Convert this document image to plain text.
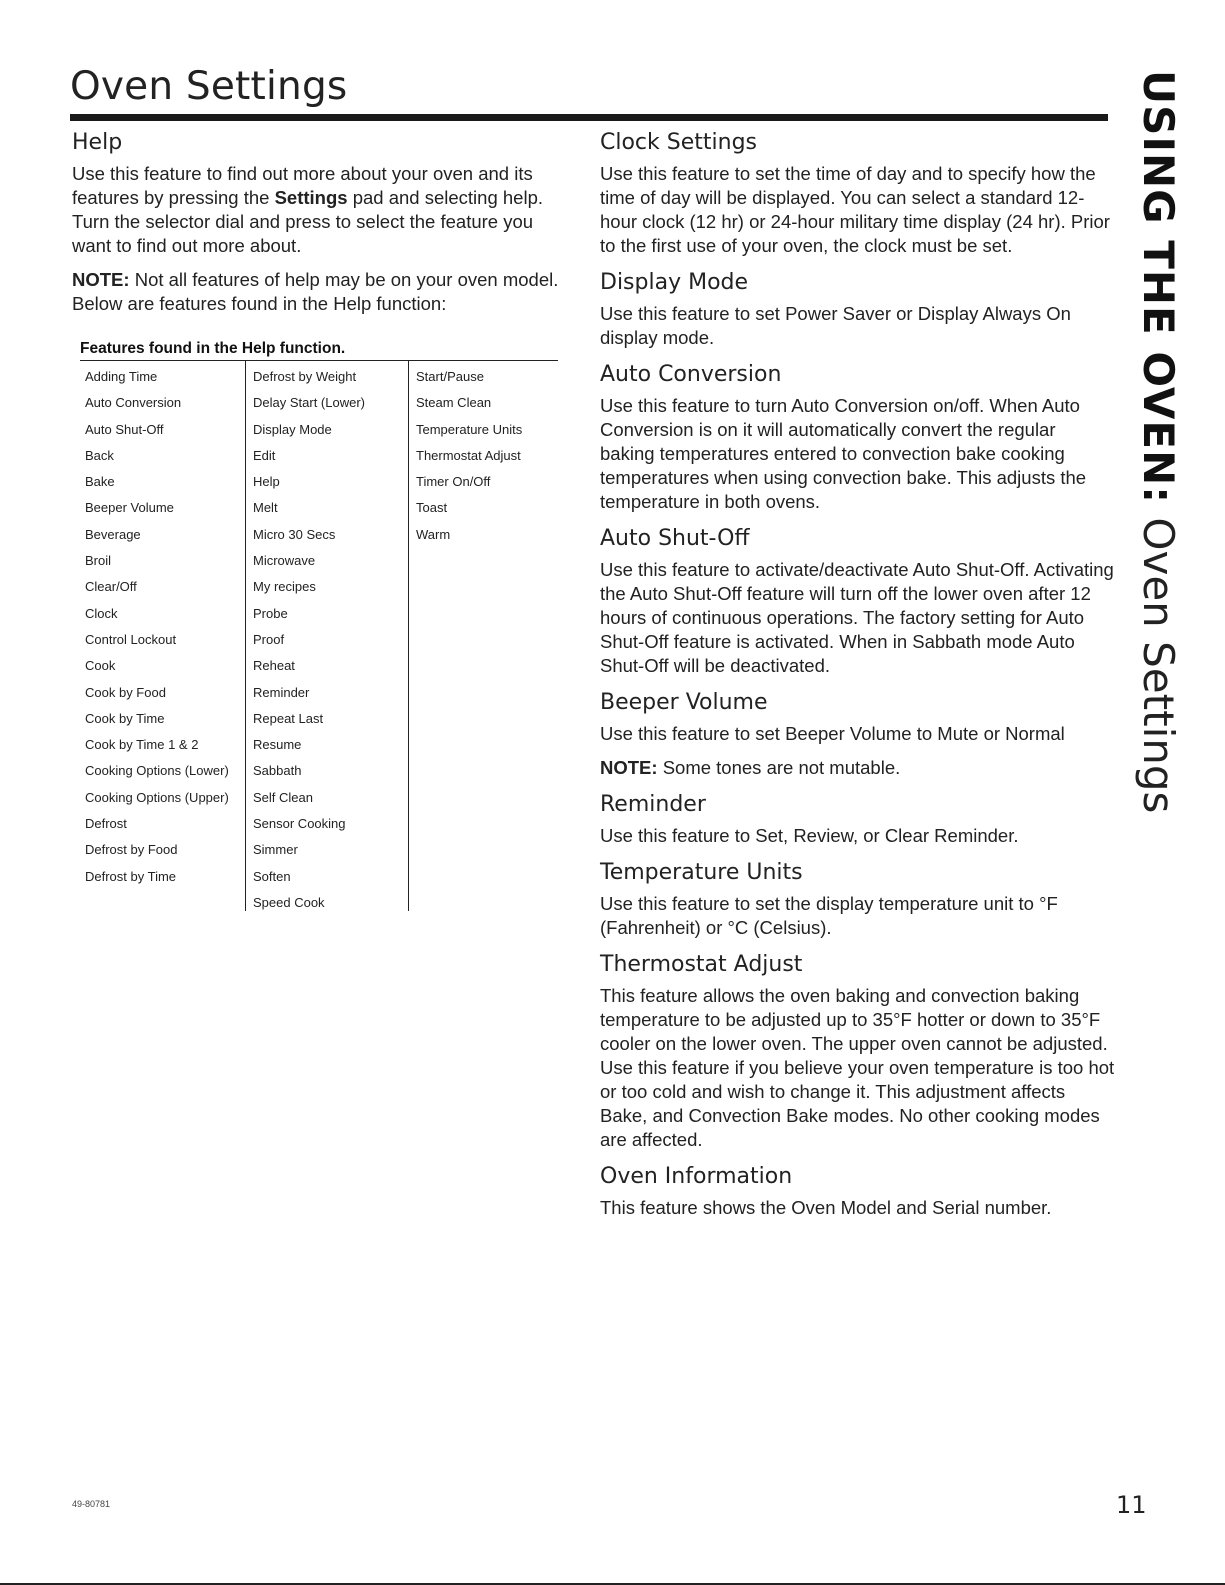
Oven Settings	USING THE OVEN: Oven Settings
Help

Use this feature to find out more about your oven and its features by pressing the Settings pad and selecting help. Turn the selector dial and press to select the feature you want to find out more about.

NOTE: Not all features of help may be on your oven model. Below are features found in the Help function:

Features found in the Help function.
Adding Time
Auto Conversion
Auto Shut-Off
Back
Bake
Beeper Volume
Beverage
Broil
Clear/Off
Clock
Control Lockout
Cook
Cook by Food
Cook by Time
Cook by Time 1 & 2
Cooking Options (Lower)
Cooking Options (Upper)
Defrost
Defrost by Food
Defrost by Time
Defrost by Weight
Delay Start (Lower)
Display Mode
Edit
Help
Melt
Micro 30 Secs
Microwave
My recipes
Probe
Proof
Reheat
Reminder
Repeat Last
Resume
Sabbath
Self Clean
Sensor Cooking
Simmer
Soften
Speed Cook
Start/Pause
Steam Clean
Temperature Units
Thermostat Adjust
Timer On/Off
Toast
Warm
Clock Settings

Use this feature to set the time of day and to specify how the time of day will be displayed. You can select a standard 12-hour clock (12 hr) or 24-hour military time display (24 hr). Prior to the first use of your oven, the clock must be set.

Display Mode

Use this feature to set Power Saver or Display Always On display mode.

Auto Conversion

Use this feature to turn Auto Conversion on/off. When Auto Conversion is on it will automatically convert the regular baking temperatures entered to convection bake cooking temperatures when using convection bake. This adjusts the temperature in both ovens.

Auto Shut-Off

Use this feature to activate/deactivate Auto Shut-Off. Activating the Auto Shut-Off feature will turn off the lower oven after 12 hours of continuous operations. The factory setting for Auto Shut-Off feature is activated. When in Sabbath mode Auto Shut-Off will be deactivated.

Beeper Volume

Use this feature to set Beeper Volume to Mute or Normal

NOTE: Some tones are not mutable.

Reminder

Use this feature to Set, Review, or Clear Reminder.

Temperature Units

Use this feature to set the display temperature unit to °F (Fahrenheit) or °C (Celsius).

Thermostat Adjust

This feature allows the oven baking and convection baking temperature to be adjusted up to 35°F hotter or down to 35°F cooler on the lower oven. The upper oven cannot be adjusted. Use this feature if you believe your oven temperature is too hot or too cold and wish to change it. This adjustment affects Bake, and Convection Bake modes. No other cooking modes are affected.

Oven Information

This feature shows the Oven Model and Serial number.

49-80781	11
